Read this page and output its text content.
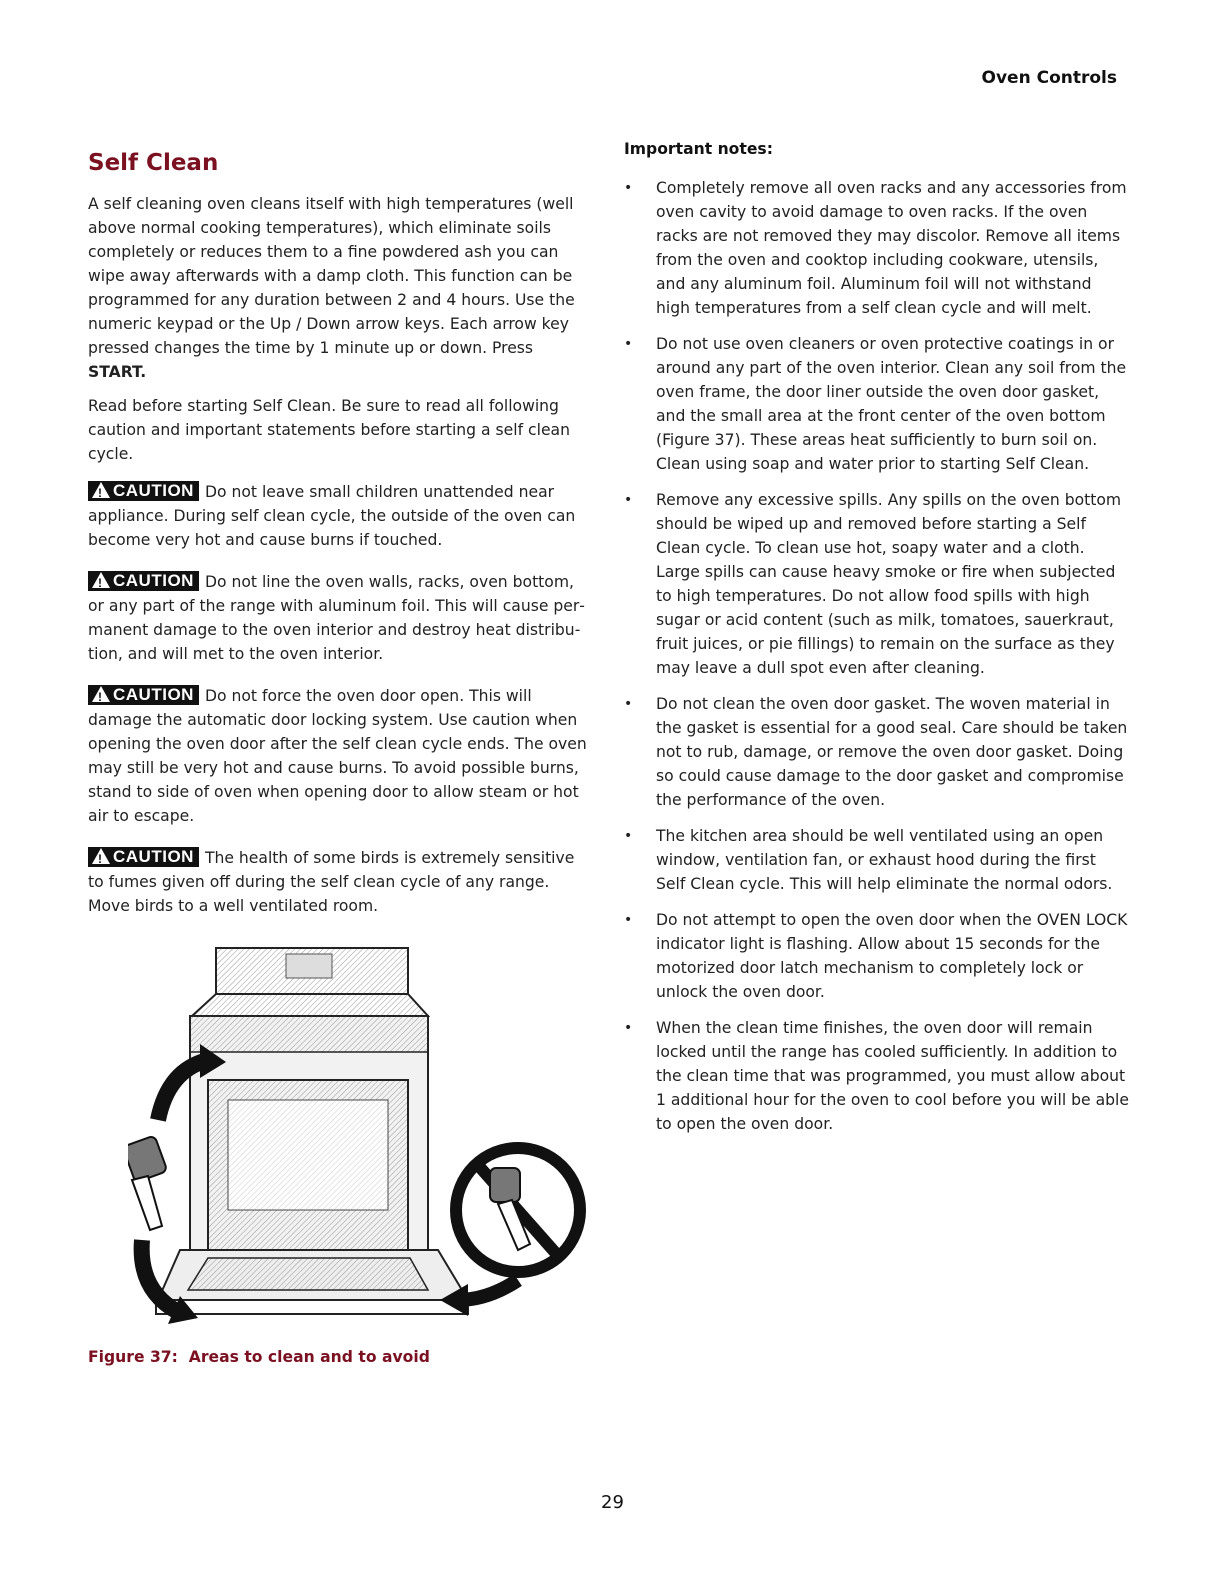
Oven Controls
Self Clean

A self cleaning oven cleans itself with high temperatures (well above normal cooking temperatures), which eliminate soils completely or reduces them to a fine powdered ash you can wipe away afterwards with a damp cloth. This function can be programmed for any duration between 2 and 4 hours. Use the numeric keypad or the Up / Down arrow keys. Each arrow key pressed changes the time by 1 minute up or down. Press START.

Read before starting Self Clean. Be sure to read all following caution and important statements before starting a self clean cycle.

!CAUTION Do not leave small children unattended near appliance. During self clean cycle, the outside of the oven can become very hot and cause burns if touched.

!CAUTION Do not line the oven walls, racks, oven bottom, or any part of the range with aluminum foil. This will cause permanent damage to the oven interior and destroy heat distribution, and will met to the oven interior.

!CAUTION Do not force the oven door open. This will damage the automatic door locking system. Use caution when opening the oven door after the self clean cycle ends. The oven may still be very hot and cause burns. To avoid possible burns, stand to side of oven when opening door to allow steam or hot air to escape.

!CAUTION The health of some birds is extremely sensitive to fumes given off during the self clean cycle of any range. Move birds to a well ventilated room.

Figure 37: Areas to clean and to avoid
Important notes:
• Completely remove all oven racks and any accessories from oven cavity to avoid damage to oven racks. If the oven racks are not removed they may discolor. Remove all items from the oven and cooktop including cookware, utensils, and any aluminum foil. Aluminum foil will not withstand high temperatures from a self clean cycle and will melt.
• Do not use oven cleaners or oven protective coatings in or around any part of the oven interior. Clean any soil from the oven frame, the door liner outside the oven door gasket, and the small area at the front center of the oven bottom (Figure 37). These areas heat sufficiently to burn soil on. Clean using soap and water prior to starting Self Clean.
• Remove any excessive spills. Any spills on the oven bottom should be wiped up and removed before starting a Self Clean cycle. To clean use hot, soapy water and a cloth. Large spills can cause heavy smoke or fire when subjected to high temperatures. Do not allow food spills with high sugar or acid content (such as milk, tomatoes, sauerkraut, fruit juices, or pie fillings) to remain on the surface as they may leave a dull spot even after cleaning.
• Do not clean the oven door gasket. The woven material in the gasket is essential for a good seal. Care should be taken not to rub, damage, or remove the oven door gasket. Doing so could cause damage to the door gasket and compromise the performance of the oven.
• The kitchen area should be well ventilated using an open window, ventilation fan, or exhaust hood during the first Self Clean cycle. This will help eliminate the normal odors.
• Do not attempt to open the oven door when the OVEN LOCK indicator light is flashing. Allow about 15 seconds for the motorized door latch mechanism to completely lock or unlock the oven door.
• When the clean time finishes, the oven door will remain locked until the range has cooled sufficiently. In addition to the clean time that was programmed, you must allow about 1 additional hour for the oven to cool before you will be able to open the oven door.
29
